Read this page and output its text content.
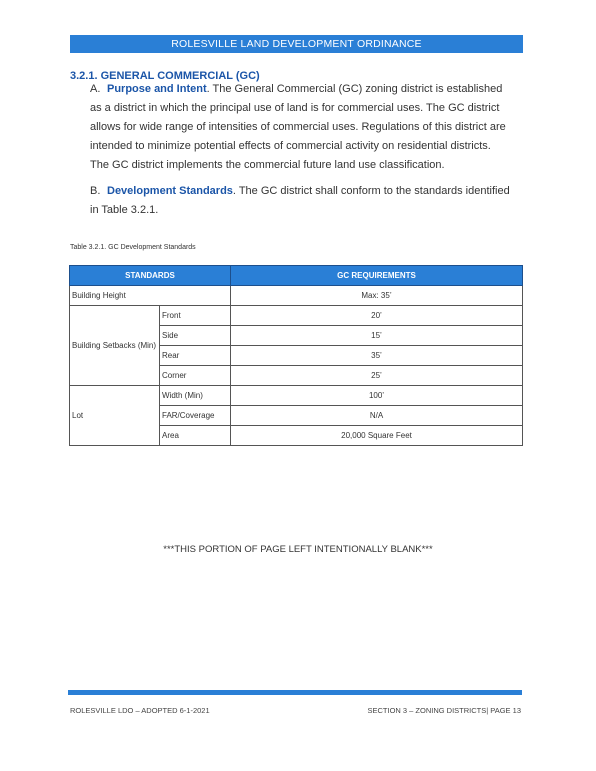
ROLESVILLE LAND DEVELOPMENT ORDINANCE
3.2.1. GENERAL COMMERCIAL (GC)
A. Purpose and Intent. The General Commercial (GC) zoning district is established as a district in which the principal use of land is for commercial uses. The GC district allows for wide range of intensities of commercial uses. Regulations of this district are intended to minimize potential effects of commercial activity on residential districts. The GC district implements the commercial future land use classification.
B. Development Standards. The GC district shall conform to the standards identified in Table 3.2.1.
Table 3.2.1. GC Development Standards
STANDARDS		GC REQUIREMENTS
Building Height		Max: 35’
Building Setbacks (Min)	Front	20’
	Side	15’
	Rear	35’
	Corner	25’
Lot	Width (Min)	100’
	FAR/Coverage	N/A
	Area	20,000 Square Feet
***THIS PORTION OF PAGE LEFT INTENTIONALLY BLANK***
ROLESVILLE LDO – ADOPTED 6-1-2021	SECTION 3 – ZONING DISTRICTS| PAGE 13
